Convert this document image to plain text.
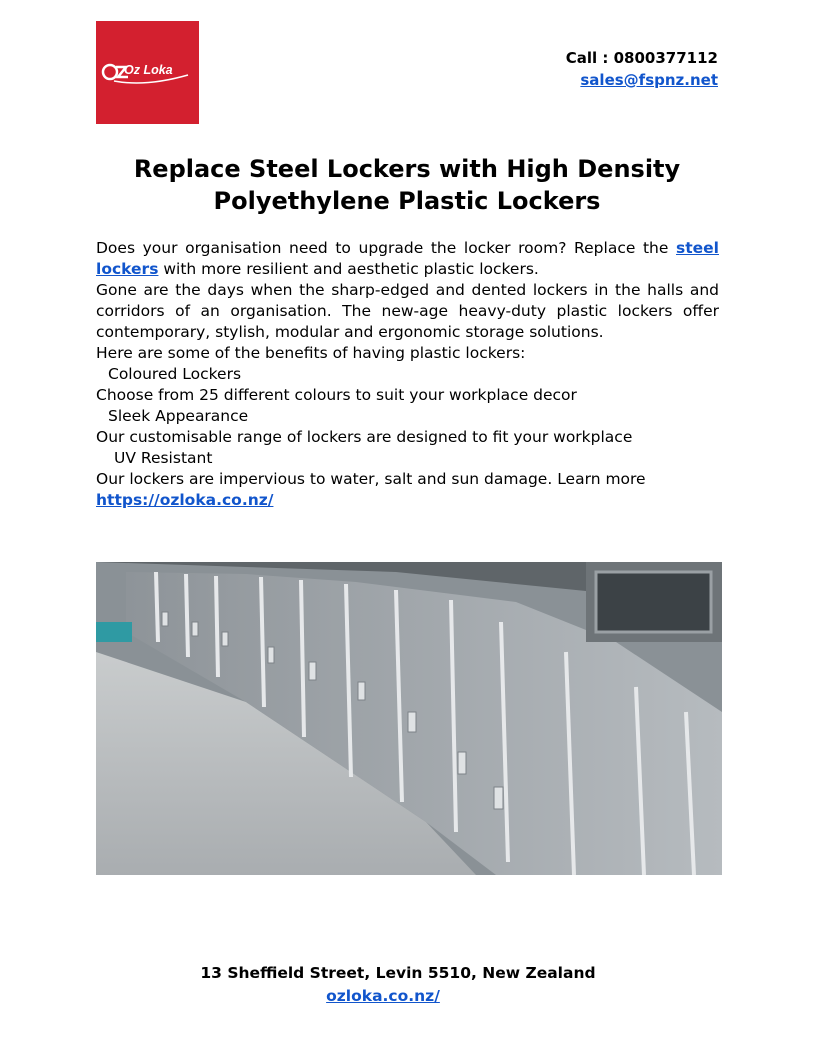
Oz Loka
Call : 0800377112
sales@fspnz.net
Replace Steel Lockers with High Density
Polyethylene Plastic Lockers

Does your organisation need to upgrade the locker room? Replace the steel lockers with more resilient and aesthetic plastic lockers.

Gone are the days when the sharp-edged and dented lockers in the halls and corridors of an organisation. The new-age heavy-duty plastic lockers offer contemporary, stylish, modular and ergonomic storage solutions.

Here are some of the benefits of having plastic lockers:

Coloured Lockers

Choose from 25 different colours to suit your workplace decor

Sleek Appearance

Our customisable range of lockers are designed to fit your workplace

UV Resistant

Our lockers are impervious to water, salt and sun damage. Learn more

https://ozloka.co.nz/

13 Sheffield Street, Levin 5510, New Zealand
ozloka.co.nz/
